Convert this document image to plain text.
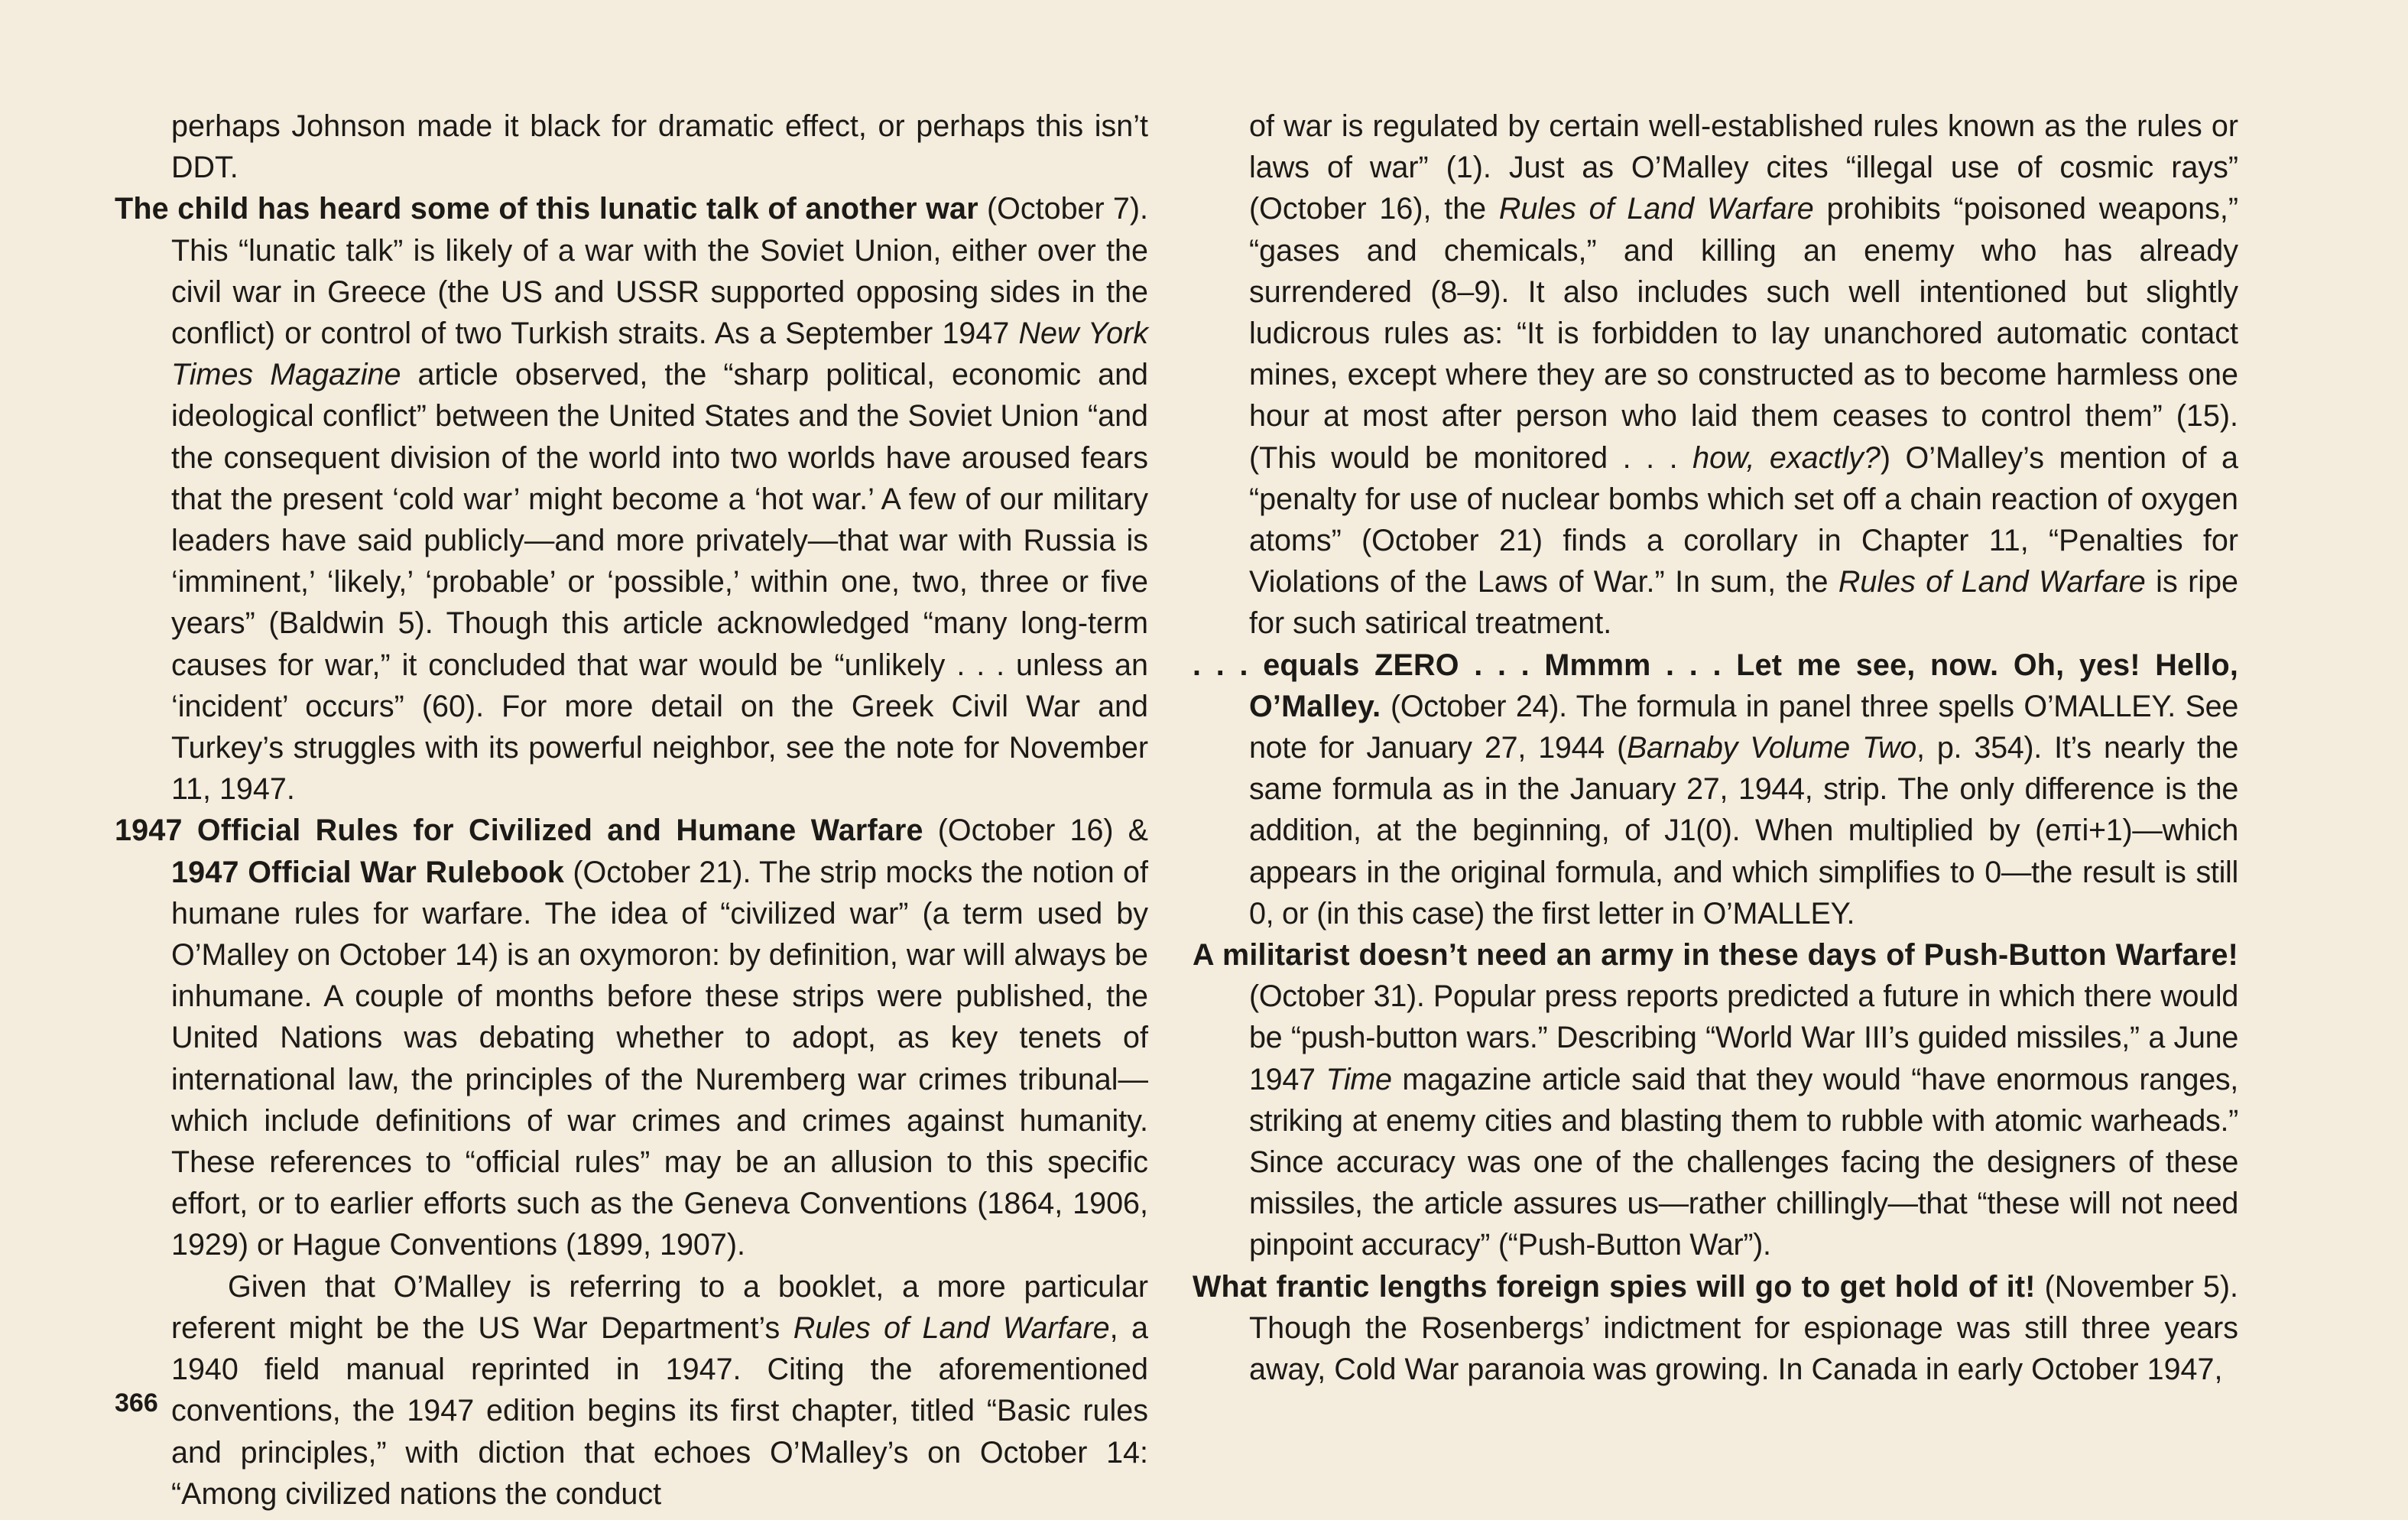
perhaps Johnson made it black for dramatic effect, or perhaps this isn’t DDT.

The child has heard some of this lunatic talk of another war (October 7). This “lunatic talk” is likely of a war with the Soviet Union, either over the civil war in Greece (the US and USSR supported opposing sides in the conflict) or control of two Turkish straits. As a September 1947 New York Times Magazine article observed, the “sharp political, economic and ideological conflict” between the United States and the Soviet Union “and the consequent division of the world into two worlds have aroused fears that the present ‘cold war’ might become a ‘hot war.’ A few of our military leaders have said publicly—and more privately—that war with Russia is ‘imminent,’ ‘likely,’ ‘probable’ or ‘possible,’ within one, two, three or five years” (Baldwin 5). Though this article acknowledged “many long-term causes for war,” it concluded that war would be “unlikely . . . unless an ‘incident’ occurs” (60). For more detail on the Greek Civil War and Turkey’s struggles with its powerful neighbor, see the note for November 11, 1947.

1947 Official Rules for Civilized and Humane Warfare (October 16) & 1947 Official War Rulebook (October 21). The strip mocks the notion of humane rules for warfare. The idea of “civilized war” (a term used by O’Malley on October 14) is an oxymoron: by definition, war will always be inhumane. A couple of months before these strips were published, the United Nations was debating whether to adopt, as key tenets of international law, the principles of the Nuremberg war crimes tribunal—which include definitions of war crimes and crimes against humanity. These references to “official rules” may be an allusion to this specific effort, or to earlier efforts such as the Geneva Conventions (1864, 1906, 1929) or Hague Conventions (1899, 1907).

Given that O’Malley is referring to a booklet, a more particular referent might be the US War Department’s Rules of Land Warfare, a 1940 field manual reprinted in 1947. Citing the aforementioned conventions, the 1947 edition begins its first chapter, titled “Basic rules and principles,” with diction that echoes O’Malley’s on October 14: “Among civilized nations the conduct

of war is regulated by certain well-established rules known as the rules or laws of war” (1). Just as O’Malley cites “illegal use of cosmic rays” (October 16), the Rules of Land Warfare prohibits “poisoned weapons,” “gases and chemicals,” and killing an enemy who has already surrendered (8–9). It also includes such well intentioned but slightly ludicrous rules as: “It is forbidden to lay unanchored automatic contact mines, except where they are so constructed as to become harmless one hour at most after person who laid them ceases to control them” (15). (This would be monitored . . . how, exactly?) O’Malley’s mention of a “penalty for use of nuclear bombs which set off a chain reaction of oxygen atoms” (October 21) finds a corollary in Chapter 11, “Penalties for Violations of the Laws of War.” In sum, the Rules of Land Warfare is ripe for such satirical treatment.

. . . equals ZERO . . . Mmmm . . . Let me see, now. Oh, yes! Hello, O’Malley. (October 24). The formula in panel three spells O’MALLEY. See note for January 27, 1944 (Barnaby Volume Two, p. 354). It’s nearly the same formula as in the January 27, 1944, strip. The only difference is the addition, at the beginning, of J1(0). When multiplied by (eπi+1)—which appears in the original formula, and which simplifies to 0—the result is still 0, or (in this case) the first letter in O’MALLEY.

A militarist doesn’t need an army in these days of Push-Button Warfare! (October 31). Popular press reports predicted a future in which there would be “push-button wars.” Describing “World War III’s guided missiles,” a June 1947 Time magazine article said that they would “have enormous ranges, striking at enemy cities and blasting them to rubble with atomic warheads.” Since accuracy was one of the challenges facing the designers of these missiles, the article assures us—rather chillingly—that “these will not need pinpoint accuracy” (“Push-Button War”).

What frantic lengths foreign spies will go to get hold of it! (November 5). Though the Rosenbergs’ indictment for espionage was still three years away, Cold War paranoia was growing. In Canada in early October 1947,

366
